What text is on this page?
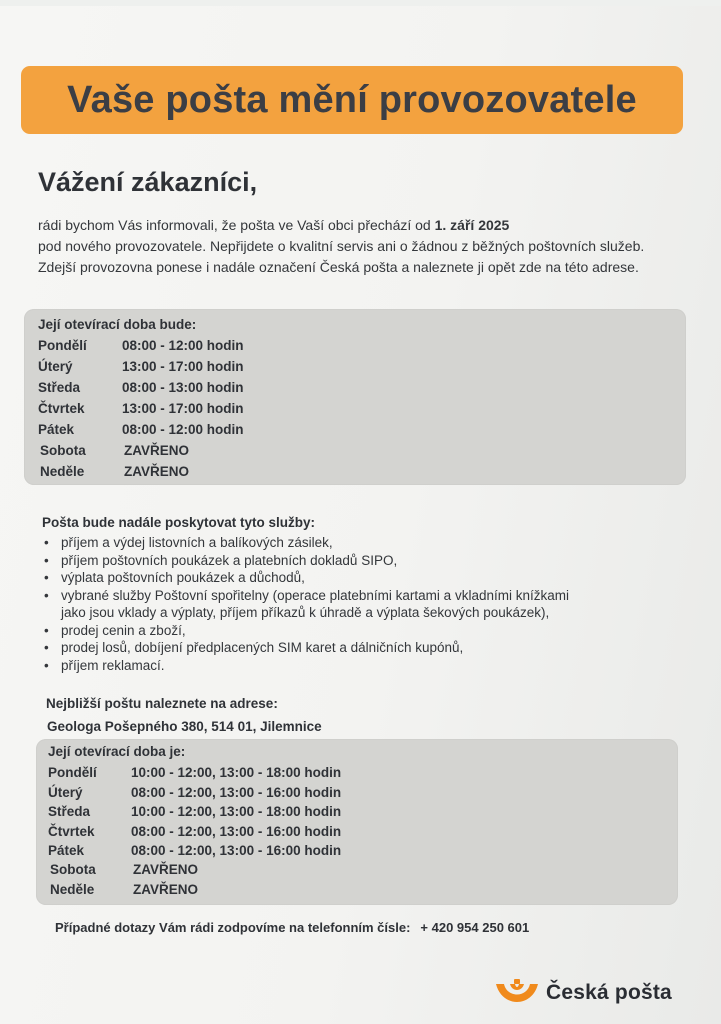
Vaše pošta mění provozovatele
Vážení zákazníci,

rádi bychom Vás informovali, že pošta ve Vaší obci přechází od 1. září 2025

pod nového provozovatele. Nepřijdete o kvalitní servis ani o žádnou z běžných poštovních služeb.

Zdejší provozovna ponese i nadále označení Česká pošta a naleznete ji opět zde na této adrese.

Její otevírací doba bude:
Pondělí	08:00 - 12:00 hodin
Úterý	13:00 - 17:00 hodin
Středa	08:00 - 13:00 hodin
Čtvrtek	13:00 - 17:00 hodin
Pátek	08:00 - 12:00 hodin
Sobota	ZAVŘENO
Neděle	ZAVŘENO
Pošta bude nadále poskytovat tyto služby:
• příjem a výdej listovních a balíkových zásilek,
• příjem poštovních poukázek a platebních dokladů SIPO,
• výplata poštovních poukázek a důchodů,
• vybrané služby Poštovní spořitelny (operace platebními kartami a vkladními knížkami
jako jsou vklady a výplaty, příjem příkazů k úhradě a výplata šekových poukázek),
• prodej cenin a zboží,
• prodej losů, dobíjení předplacených SIM karet a dálničních kupónů,
• příjem reklamací.
Nejbližší poštu naleznete na adrese:
Geologa Pošepného 380, 514 01, Jilemnice
Její otevírací doba je:
Pondělí	10:00 - 12:00, 13:00 - 18:00 hodin
Úterý	08:00 - 12:00, 13:00 - 16:00 hodin
Středa	10:00 - 12:00, 13:00 - 18:00 hodin
Čtvrtek	08:00 - 12:00, 13:00 - 16:00 hodin
Pátek	08:00 - 12:00, 13:00 - 16:00 hodin
Sobota	ZAVŘENO
Neděle	ZAVŘENO
Případné dotazy Vám rádi zodpovíme na telefonním čísle: + 420 954 250 601
Česká pošta
